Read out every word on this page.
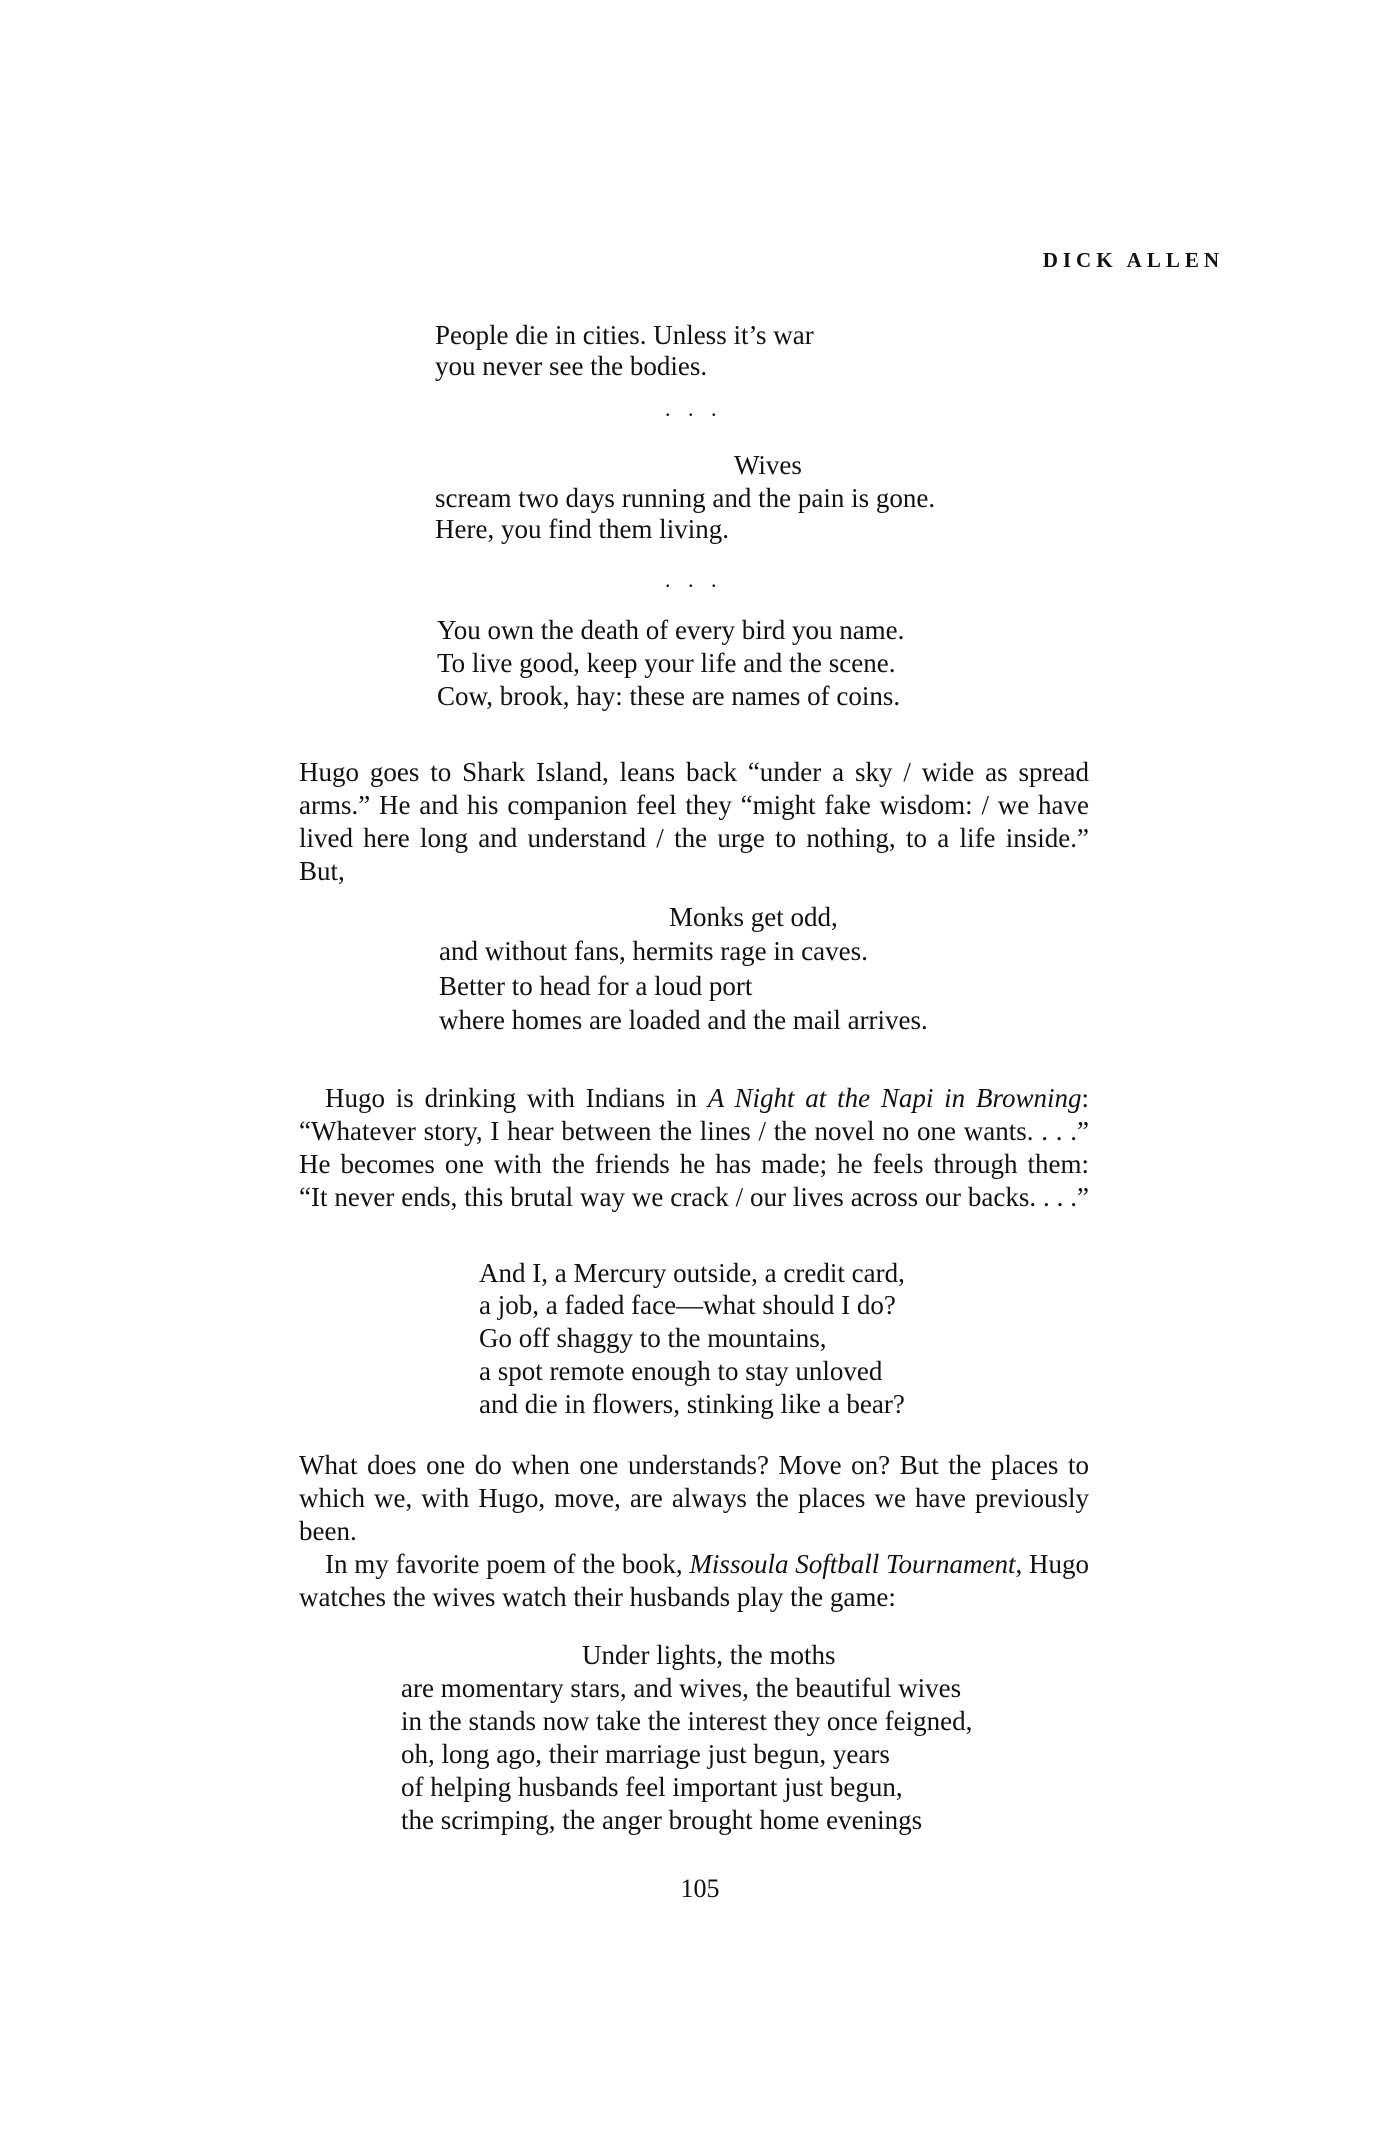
DICK ALLEN
People die in cities. Unless it’s war
you never see the bodies.
. . .
Wives
scream two days running and the pain is gone.
Here, you find them living.
. . .
You own the death of every bird you name.
To live good, keep your life and the scene.
Cow, brook, hay: these are names of coins.
Hugo goes to Shark Island, leans back “under a sky / wide as spread
arms.” He and his companion feel they “might fake wisdom: / we have
lived here long and understand / the urge to nothing, to a life inside.”
But,
Monks get odd,
and without fans, hermits rage in caves.
Better to head for a loud port
where homes are loaded and the mail arrives.
Hugo is drinking with Indians in A Night at the Napi in Browning:
“Whatever story, I hear between the lines / the novel no one wants. . . .”
He becomes one with the friends he has made; he feels through them:
“It never ends, this brutal way we crack / our lives across our backs. . . .”
And I, a Mercury outside, a credit card,
a job, a faded face—what should I do?
Go off shaggy to the mountains,
a spot remote enough to stay unloved
and die in flowers, stinking like a bear?
What does one do when one understands? Move on? But the places to
which we, with Hugo, move, are always the places we have previously
been.
In my favorite poem of the book, Missoula Softball Tournament, Hugo
watches the wives watch their husbands play the game:
Under lights, the moths
are momentary stars, and wives, the beautiful wives
in the stands now take the interest they once feigned,
oh, long ago, their marriage just begun, years
of helping husbands feel important just begun,
the scrimping, the anger brought home evenings
105
